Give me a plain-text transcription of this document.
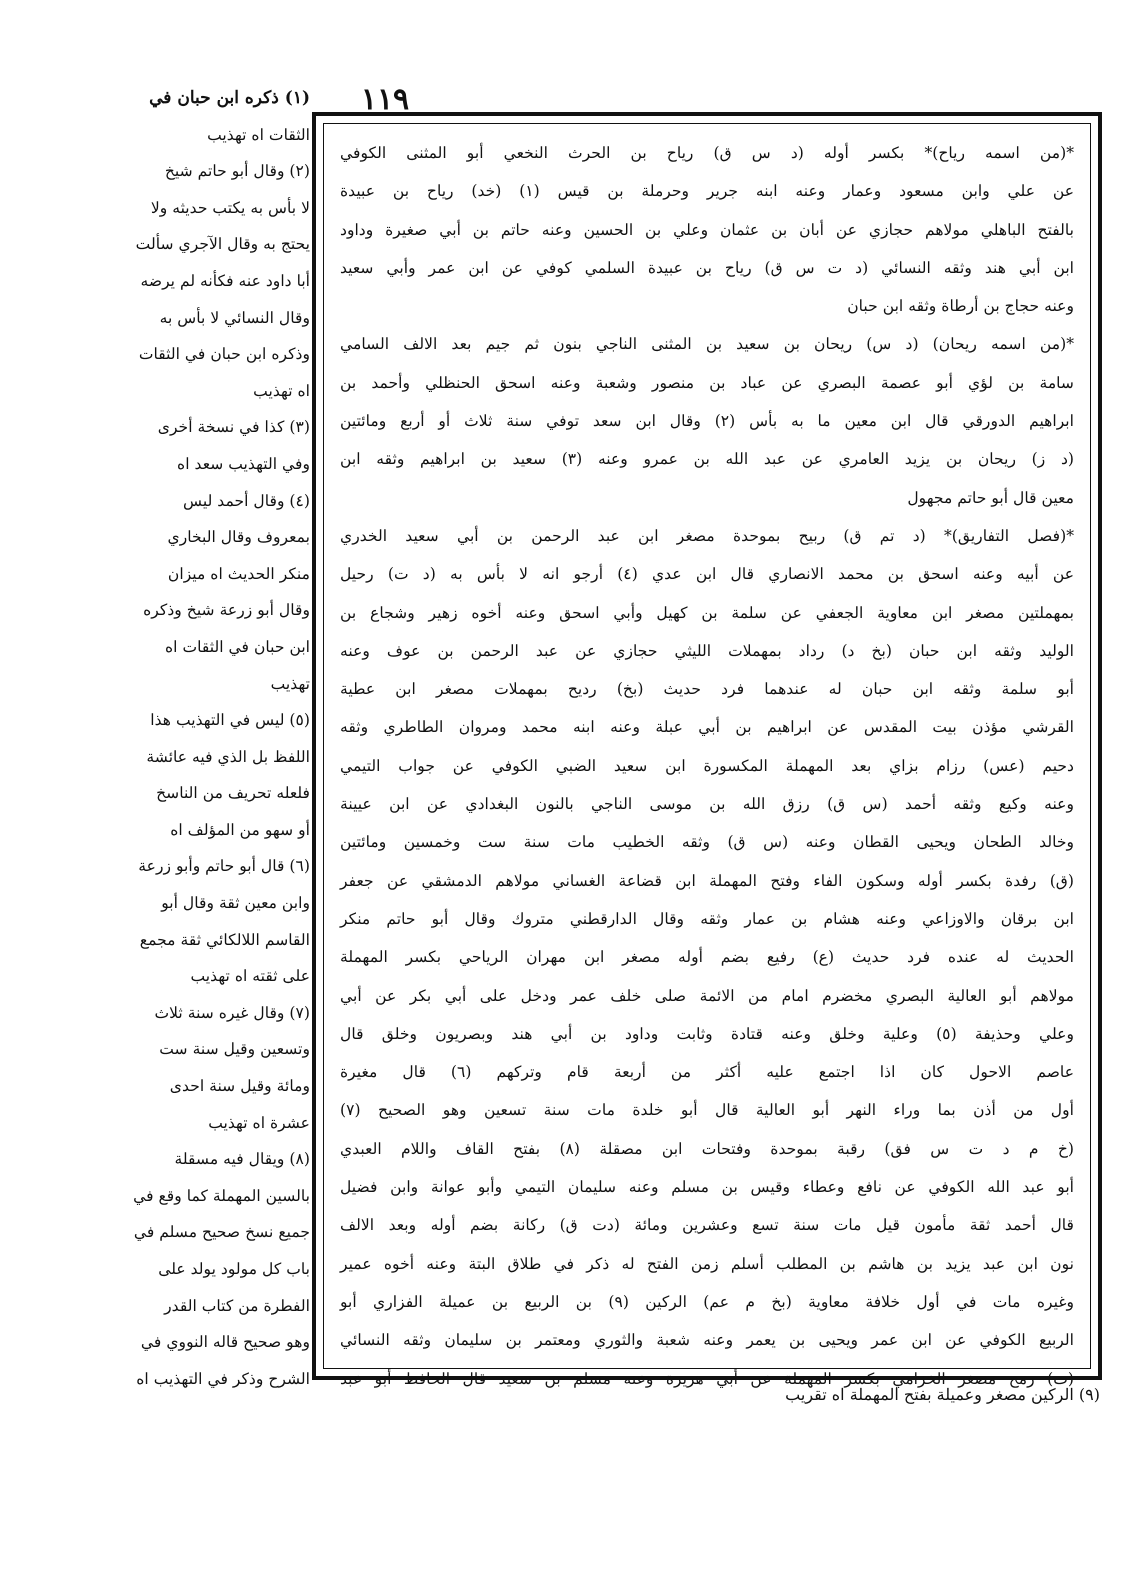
١١٩
*(من اسمه رياح)* بكسر أوله (د س ق) رياح بن الحرث النخعي أبو المثنى الكوفي
عن علي وابن مسعود وعمار وعنه ابنه جرير وحرملة بن قيس (١) (خد) رياح بن عبيدة
بالفتح الباهلي مولاهم حجازي عن أبان بن عثمان وعلي بن الحسين وعنه حاتم بن أبي صغيرة وداود
ابن أبي هند وثقه النسائي (د ت س ق) رياح بن عبيدة السلمي كوفي عن ابن عمر وأبي سعيد
وعنه حجاج بن أرطاة وثقه ابن حبان
*(من اسمه ريحان) (د س) ريحان بن سعيد بن المثنى الناجي بنون ثم جيم بعد الالف السامي
سامة بن لؤي أبو عصمة البصري عن عباد بن منصور وشعبة وعنه اسحق الحنظلي وأحمد بن
ابراهيم الدورقي قال ابن معين ما به بأس (٢) وقال ابن سعد توفي سنة ثلاث أو أربع ومائتين
(د ز) ريحان بن يزيد العامري عن عبد الله بن عمرو وعنه (٣) سعيد بن ابراهيم وثقه ابن
معين قال أبو حاتم مجهول
*(فصل التفاريق)* (د تم ق) ربيح بموحدة مصغر ابن عبد الرحمن بن أبي سعيد الخدري
عن أبيه وعنه اسحق بن محمد الانصاري قال ابن عدي (٤) أرجو انه لا بأس به (د ت) رحيل
بمهملتين مصغر ابن معاوية الجعفي عن سلمة بن كهيل وأبي اسحق وعنه أخوه زهير وشجاع بن
الوليد وثقه ابن حبان (بخ د) رداد بمهملات الليثي حجازي عن عبد الرحمن بن عوف وعنه
أبو سلمة وثقه ابن حبان له عندهما فرد حديث (بخ) رديح بمهملات مصغر ابن عطية
القرشي مؤذن بيت المقدس عن ابراهيم بن أبي عبلة وعنه ابنه محمد ومروان الطاطري وثقه
دحيم (عس) رزام بزاي بعد المهملة المكسورة ابن سعيد الضبي الكوفي عن جواب التيمي
وعنه وكيع وثقه أحمد (س ق) رزق الله بن موسى الناجي بالنون البغدادي عن ابن عيينة
وخالد الطحان ويحيى القطان وعنه (س ق) وثقه الخطيب مات سنة ست وخمسين ومائتين
(ق) رفدة بكسر أوله وسكون الفاء وفتح المهملة ابن قضاعة الغساني مولاهم الدمشقي عن جعفر
ابن برقان والاوزاعي وعنه هشام بن عمار وثقه وقال الدارقطني متروك وقال أبو حاتم منكر
الحديث له عنده فرد حديث (ع) رفيع بضم أوله مصغر ابن مهران الرياحي بكسر المهملة
مولاهم أبو العالية البصري مخضرم امام من الائمة صلى خلف عمر ودخل على أبي بكر عن أبي
وعلي وحذيفة (٥) وعلية وخلق وعنه قتادة وثابت وداود بن أبي هند وبصريون وخلق قال
عاصم الاحول كان اذا اجتمع عليه أكثر من أربعة قام وتركهم (٦) قال مغيرة
أول من أذن بما وراء النهر أبو العالية قال أبو خلدة مات سنة تسعين وهو الصحيح (٧)
(خ م د ت س فق) رقبة بموحدة وفتحات ابن مصقلة (٨) بفتح القاف واللام العبدي
أبو عبد الله الكوفي عن نافع وعطاء وقيس بن مسلم وعنه سليمان التيمي وأبو عوانة وابن فضيل
قال أحمد ثقة مأمون قيل مات سنة تسع وعشرين ومائة (دت ق) ركانة بضم أوله وبعد الالف
نون ابن عبد يزيد بن هاشم بن المطلب أسلم زمن الفتح له ذكر في طلاق البتة وعنه أخوه عمير
وغيره مات في أول خلافة معاوية (بخ م عم) الركين (٩) بن الربيع بن عميلة الفزاري أبو
الربيع الكوفي عن ابن عمر ويحيى بن يعمر وعنه شعبة والثوري ومعتمر بن سليمان وثقه النسائي
(ت) رمح مصغر الخزامي بكسر المهملة عن أبي هريرة وعنه مسلم بن سعيد قال الحافظ أبو عبد
(١) ذكره ابن حبان في
الثقات اه تهذيب
(٢) وقال أبو حاتم شيخ
لا بأس به يكتب حديثه ولا
يحتج به وقال الآجري سألت
أبا داود عنه فكأنه لم يرضه
وقال النسائي لا بأس به
وذكره ابن حبان في الثقات
اه تهذيب
(٣) كذا في نسخة أخرى
وفي التهذيب سعد اه
(٤) وقال أحمد ليس
بمعروف وقال البخاري
منكر الحديث اه ميزان
وقال أبو زرعة شيخ وذكره
ابن حبان في الثقات اه
تهذيب
(٥) ليس في التهذيب هذا
اللفظ بل الذي فيه عائشة
فلعله تحريف من الناسخ
أو سهو من المؤلف اه
(٦) قال أبو حاتم وأبو زرعة
وابن معين ثقة وقال أبو
القاسم اللالكائي ثقة مجمع
على ثقته اه تهذيب
(٧) وقال غيره سنة ثلاث
وتسعين وقيل سنة ست
ومائة وقيل سنة احدى
عشرة اه تهذيب
(٨) ويقال فيه مسقلة
بالسين المهملة كما وقع في
جميع نسخ صحيح مسلم في
باب كل مولود يولد على
الفطرة من كتاب القدر
وهو صحيح قاله النووي في
الشرح وذكر في التهذيب اه
(٩) الركين مصغر وعميلة بفتح المهملة اه تقريب
